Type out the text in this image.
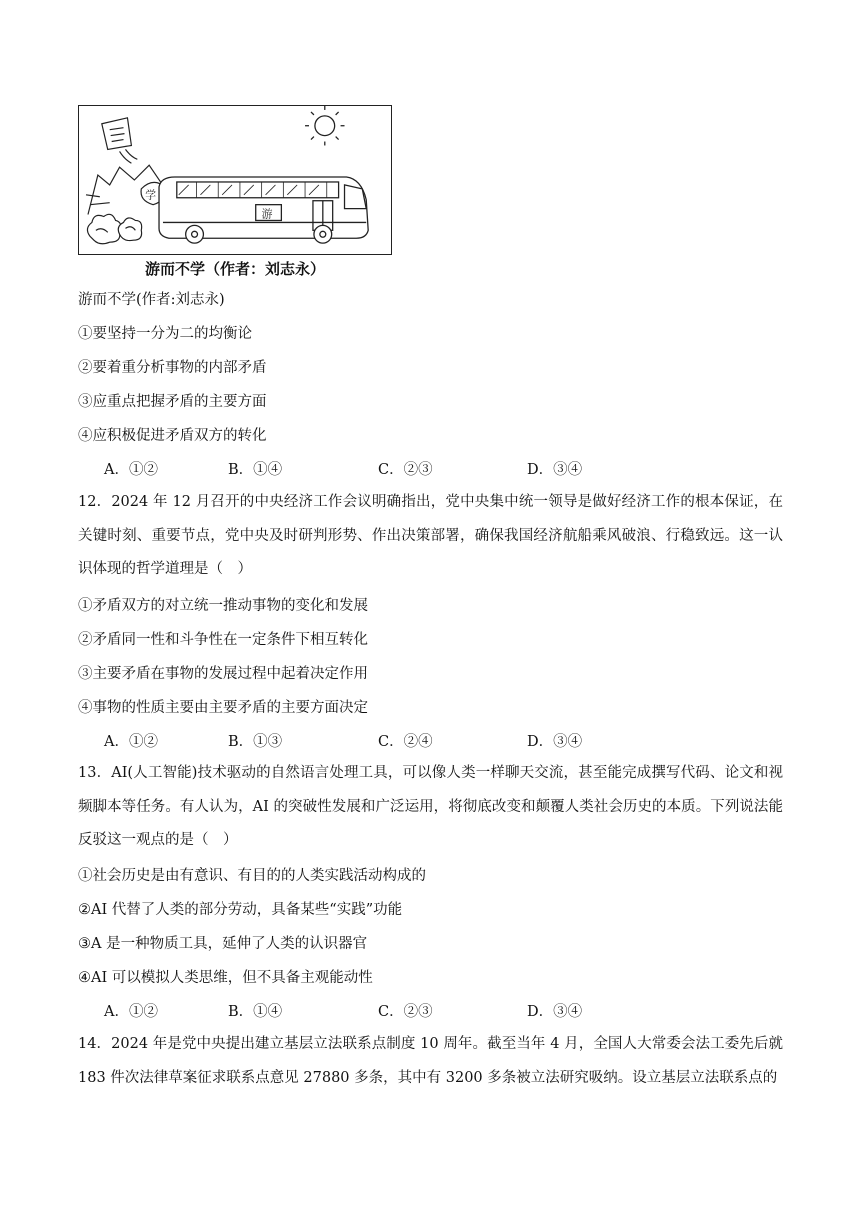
学
游
游而不学（作者：刘志永）
游而不学(作者:刘志永)
①要坚持一分为二的均衡论
②要着重分析事物的内部矛盾
③应重点把握矛盾的主要方面
④应积极促进矛盾双方的转化
A．①②	B．①④	C．②③	D．③④
12．2024 年 12 月召开的中央经济工作会议明确指出，党中央集中统一领导是做好经济工作的根本保证，在关键时刻、重要节点，党中央及时研判形势、作出决策部署，确保我国经济航船乘风破浪、行稳致远。这一认识体现的哲学道理是（　）
①矛盾双方的对立统一推动事物的变化和发展
②矛盾同一性和斗争性在一定条件下相互转化
③主要矛盾在事物的发展过程中起着决定作用
④事物的性质主要由主要矛盾的主要方面决定
A．①②	B．①③	C．②④	D．③④
13．AI(人工智能)技术驱动的自然语言处理工具，可以像人类一样聊天交流，甚至能完成撰写代码、论文和视频脚本等任务。有人认为，AI 的突破性发展和广泛运用，将彻底改变和颠覆人类社会历史的本质。下列说法能反驳这一观点的是（　）
①社会历史是由有意识、有目的的人类实践活动构成的
②AI 代替了人类的部分劳动，具备某些“实践”功能
③A 是一种物质工具，延伸了人类的认识器官
④AI 可以模拟人类思维，但不具备主观能动性
A．①②	B．①④	C．②③	D．③④
14．2024 年是党中央提出建立基层立法联系点制度 10 周年。截至当年 4 月，全国人大常委会法工委先后就 183 件次法律草案征求联系点意见 27880 多条，其中有 3200 多条被立法研究吸纳。设立基层立法联系点的
